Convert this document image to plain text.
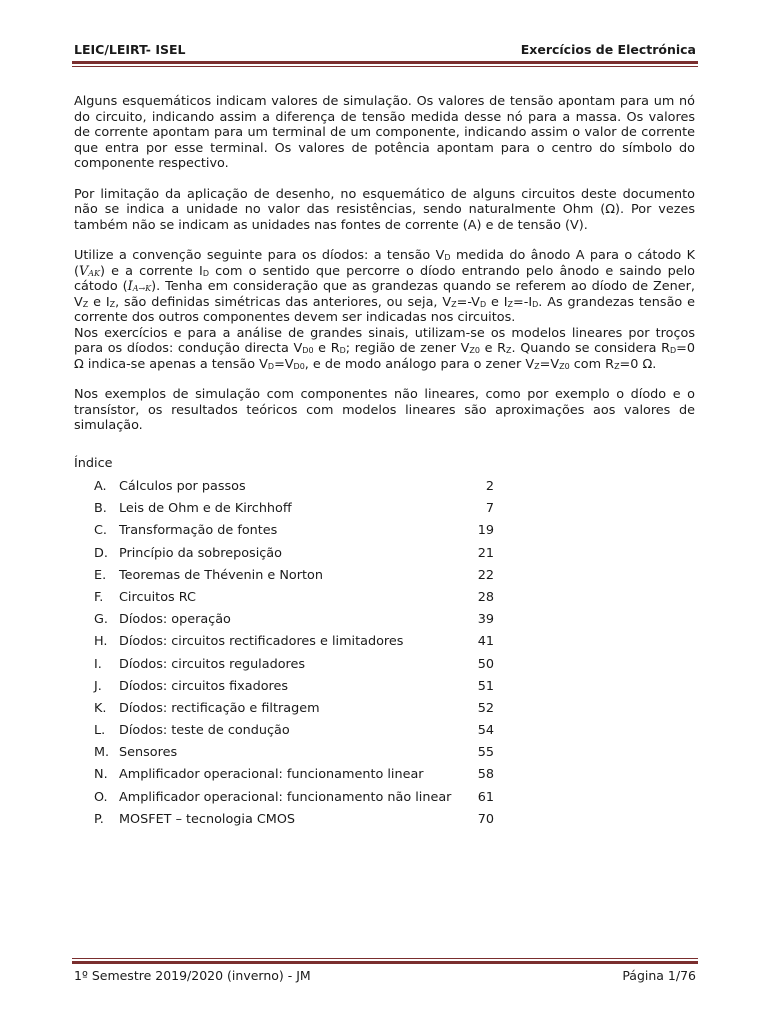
LEIC/LEIRT- ISEL	Exercícios de Electrónica

Alguns esquemáticos indicam valores de simulação. Os valores de tensão apontam para um nó do circuito, indicando assim a diferença de tensão medida desse nó para a massa. Os valores de corrente apontam para um terminal de um componente, indicando assim o valor de corrente que entra por esse terminal. Os valores de potência apontam para o centro do símbolo do componente respectivo.

Por limitação da aplicação de desenho, no esquemático de alguns circuitos deste documento não se indica a unidade no valor das resistências, sendo naturalmente Ohm (Ω). Por vezes também não se indicam as unidades nas fontes de corrente (A) e de tensão (V).

Utilize a convenção seguinte para os díodos: a tensão $V_D$ medida do ânodo A para o cátodo K $(V_{AK})$ e a corrente $I_D$ com o sentido que percorre o díodo entrando pelo ânodo e saindo pelo cátodo $(I_{A\to K})$. Tenha em consideração que as grandezas quando se referem ao díodo de Zener, $V_Z$ e $I_Z$, são definidas simétricas das anteriores, ou seja, $V_Z=-V_D$ e $I_Z=-I_D$. As grandezas tensão e corrente dos outros componentes devem ser indicadas nos circuitos.

Nos exercícios e para a análise de grandes sinais, utilizam-se os modelos lineares por troços para os díodos: condução directa $V_{D0}$ e $R_D$; região de zener $V_{Z0}$ e $R_Z$. Quando se considera $R_D=0$ Ω indica-se apenas a tensão $V_D=V_{D0}$, e de modo análogo para o zener $V_Z=V_{Z0}$ com $R_Z=0$ Ω.

Nos exemplos de simulação com componentes não lineares, como por exemplo o díodo e o transístor, os resultados teóricos com modelos lineares são aproximações aos valores de simulação.

Índice
A. Cálculos por passos	2
B. Leis de Ohm e de Kirchhoff	7
C. Transformação de fontes	19
D. Princípio da sobreposição	21
E. Teoremas de Thévenin e Norton	22
F. Circuitos RC	28
G. Díodos: operação	39
H. Díodos: circuitos rectificadores e limitadores	41
I. Díodos: circuitos reguladores	50
J. Díodos: circuitos fixadores	51
K. Díodos: rectificação e filtragem	52
L. Díodos: teste de condução	54
M. Sensores	55
N. Amplificador operacional: funcionamento linear	58
O. Amplificador operacional: funcionamento não linear 61
P. MOSFET – tecnologia CMOS	70
1º Semestre 2019/2020 (inverno) - JM	Página 1/76
